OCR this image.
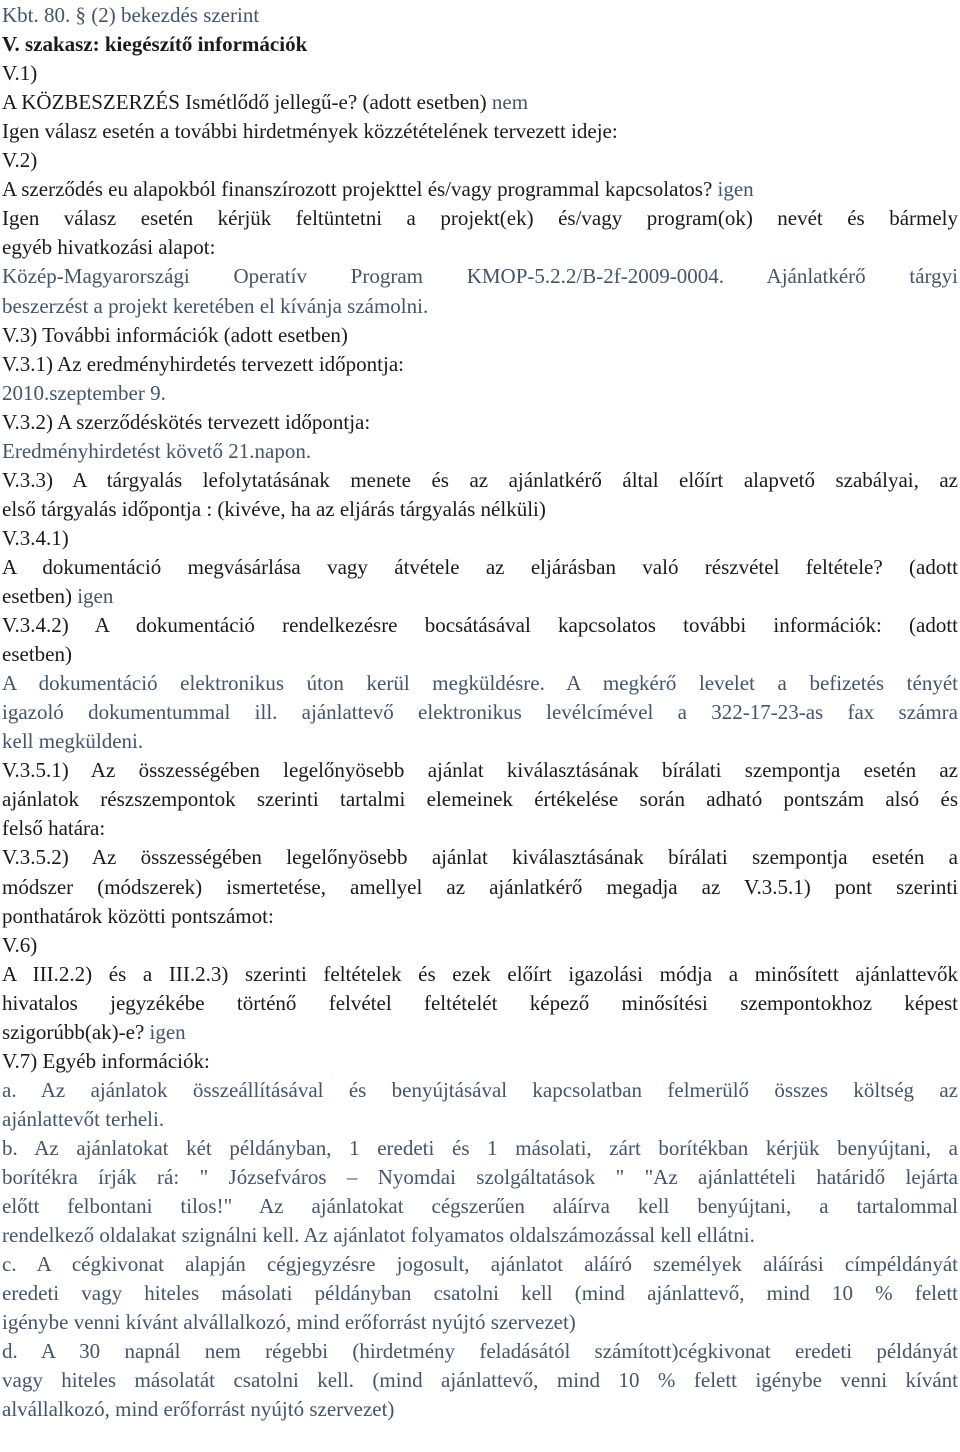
Kbt. 80. § (2) bekezdés szerint
V. szakasz: kiegészítő információk
V.1)
A KÖZBESZERZÉS Ismétlődő jellegű-e? (adott esetben) nem
Igen válasz esetén a további hirdetmények közzétételének tervezett ideje:
V.2)
A szerződés eu alapokból finanszírozott projekttel és/vagy programmal kapcsolatos? igen
Igen válasz esetén kérjük feltüntetni a projekt(ek) és/vagy program(ok) nevét és bármely
egyéb hivatkozási alapot:
Közép-Magyarországi Operatív Program KMOP-5.2.2/B-2f-2009-0004. Ajánlatkérő tárgyi
beszerzést a projekt keretében el kívánja számolni.
V.3) További információk (adott esetben)
V.3.1) Az eredményhirdetés tervezett időpontja:
2010.szeptember 9.
V.3.2) A szerződéskötés tervezett időpontja:
Eredményhirdetést követő 21.napon.
V.3.3) A tárgyalás lefolytatásának menete és az ajánlatkérő által előírt alapvető szabályai, az
első tárgyalás időpontja : (kivéve, ha az eljárás tárgyalás nélküli)
V.3.4.1)
A dokumentáció megvásárlása vagy átvétele az eljárásban való részvétel feltétele? (adott
esetben) igen
V.3.4.2) A dokumentáció rendelkezésre bocsátásával kapcsolatos további információk: (adott
esetben)
A dokumentáció elektronikus úton kerül megküldésre. A megkérő levelet a befizetés tényét
igazoló dokumentummal ill. ajánlattevő elektronikus levélcímével a 322-17-23-as fax számra
kell megküldeni.
V.3.5.1) Az összességében legelőnyösebb ajánlat kiválasztásának bírálati szempontja esetén az
ajánlatok részszempontok szerinti tartalmi elemeinek értékelése során adható pontszám alsó és
felső határa:
V.3.5.2) Az összességében legelőnyösebb ajánlat kiválasztásának bírálati szempontja esetén a
módszer (módszerek) ismertetése, amellyel az ajánlatkérő megadja az V.3.5.1) pont szerinti
ponthatárok közötti pontszámot:
V.6)
A III.2.2) és a III.2.3) szerinti feltételek és ezek előírt igazolási módja a minősített ajánlattevők
hivatalos jegyzékébe történő felvétel feltételét képező minősítési szempontokhoz képest
szigorúbb(ak)-e? igen
V.7) Egyéb információk:
a. Az ajánlatok összeállításával és benyújtásával kapcsolatban felmerülő összes költség az
ajánlattevőt terheli.
b. Az ajánlatokat két példányban, 1 eredeti és 1 másolati, zárt borítékban kérjük benyújtani, a
borítékra írják rá: " Józsefváros – Nyomdai szolgáltatások " "Az ajánlattételi határidő lejárta
előtt felbontani tilos!" Az ajánlatokat cégszerűen aláírva kell benyújtani, a tartalommal
rendelkező oldalakat szignálni kell. Az ajánlatot folyamatos oldalszámozással kell ellátni.
c. A cégkivonat alapján cégjegyzésre jogosult, ajánlatot aláíró személyek aláírási címpéldányát
eredeti vagy hiteles másolati példányban csatolni kell (mind ajánlattevő, mind 10 % felett
igénybe venni kívánt alvállalkozó, mind erőforrást nyújtó szervezet)
d. A 30 napnál nem régebbi (hirdetmény feladásától számított)cégkivonat eredeti példányát
vagy hiteles másolatát csatolni kell. (mind ajánlattevő, mind 10 % felett igénybe venni kívánt
alvállalkozó, mind erőforrást nyújtó szervezet)
